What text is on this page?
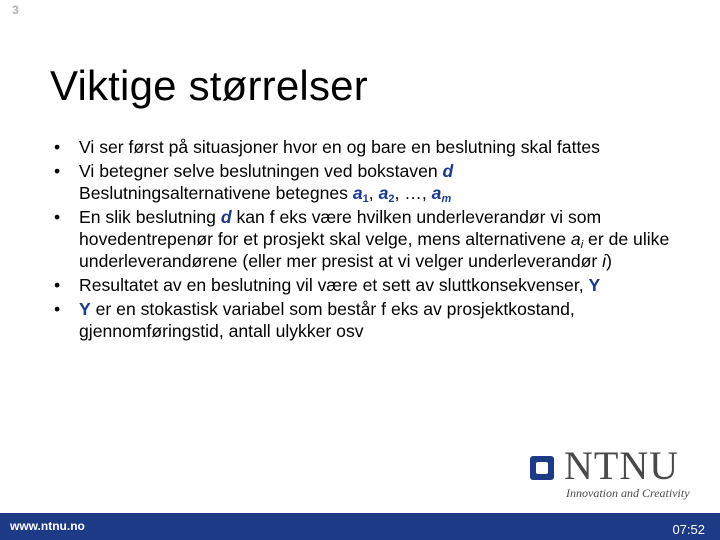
3
Viktige størrelser
• Vi ser først på situasjoner hvor en og bare en beslutning skal fattes
• Vi betegner selve beslutningen ved bokstaven d
Beslutningsalternativene betegnes $a_1$, $a_2$, …, $a_m$
• En slik beslutning d kan f eks være hvilken underleverandør vi som hovedentrepenør for et prosjekt skal velge, mens alternativene $a_i$ er de ulike underleverandørene (eller mer presist at vi velger underleverandør i)
• Resultatet av en beslutning vil være et sett av sluttkonsekvenser, Y
• Y er en stokastisk variabel som består f eks av prosjektkostand, gjennomføringstid, antall ulykker osv
NTNU
Innovation and Creativity
www.ntnu.no	07:52
